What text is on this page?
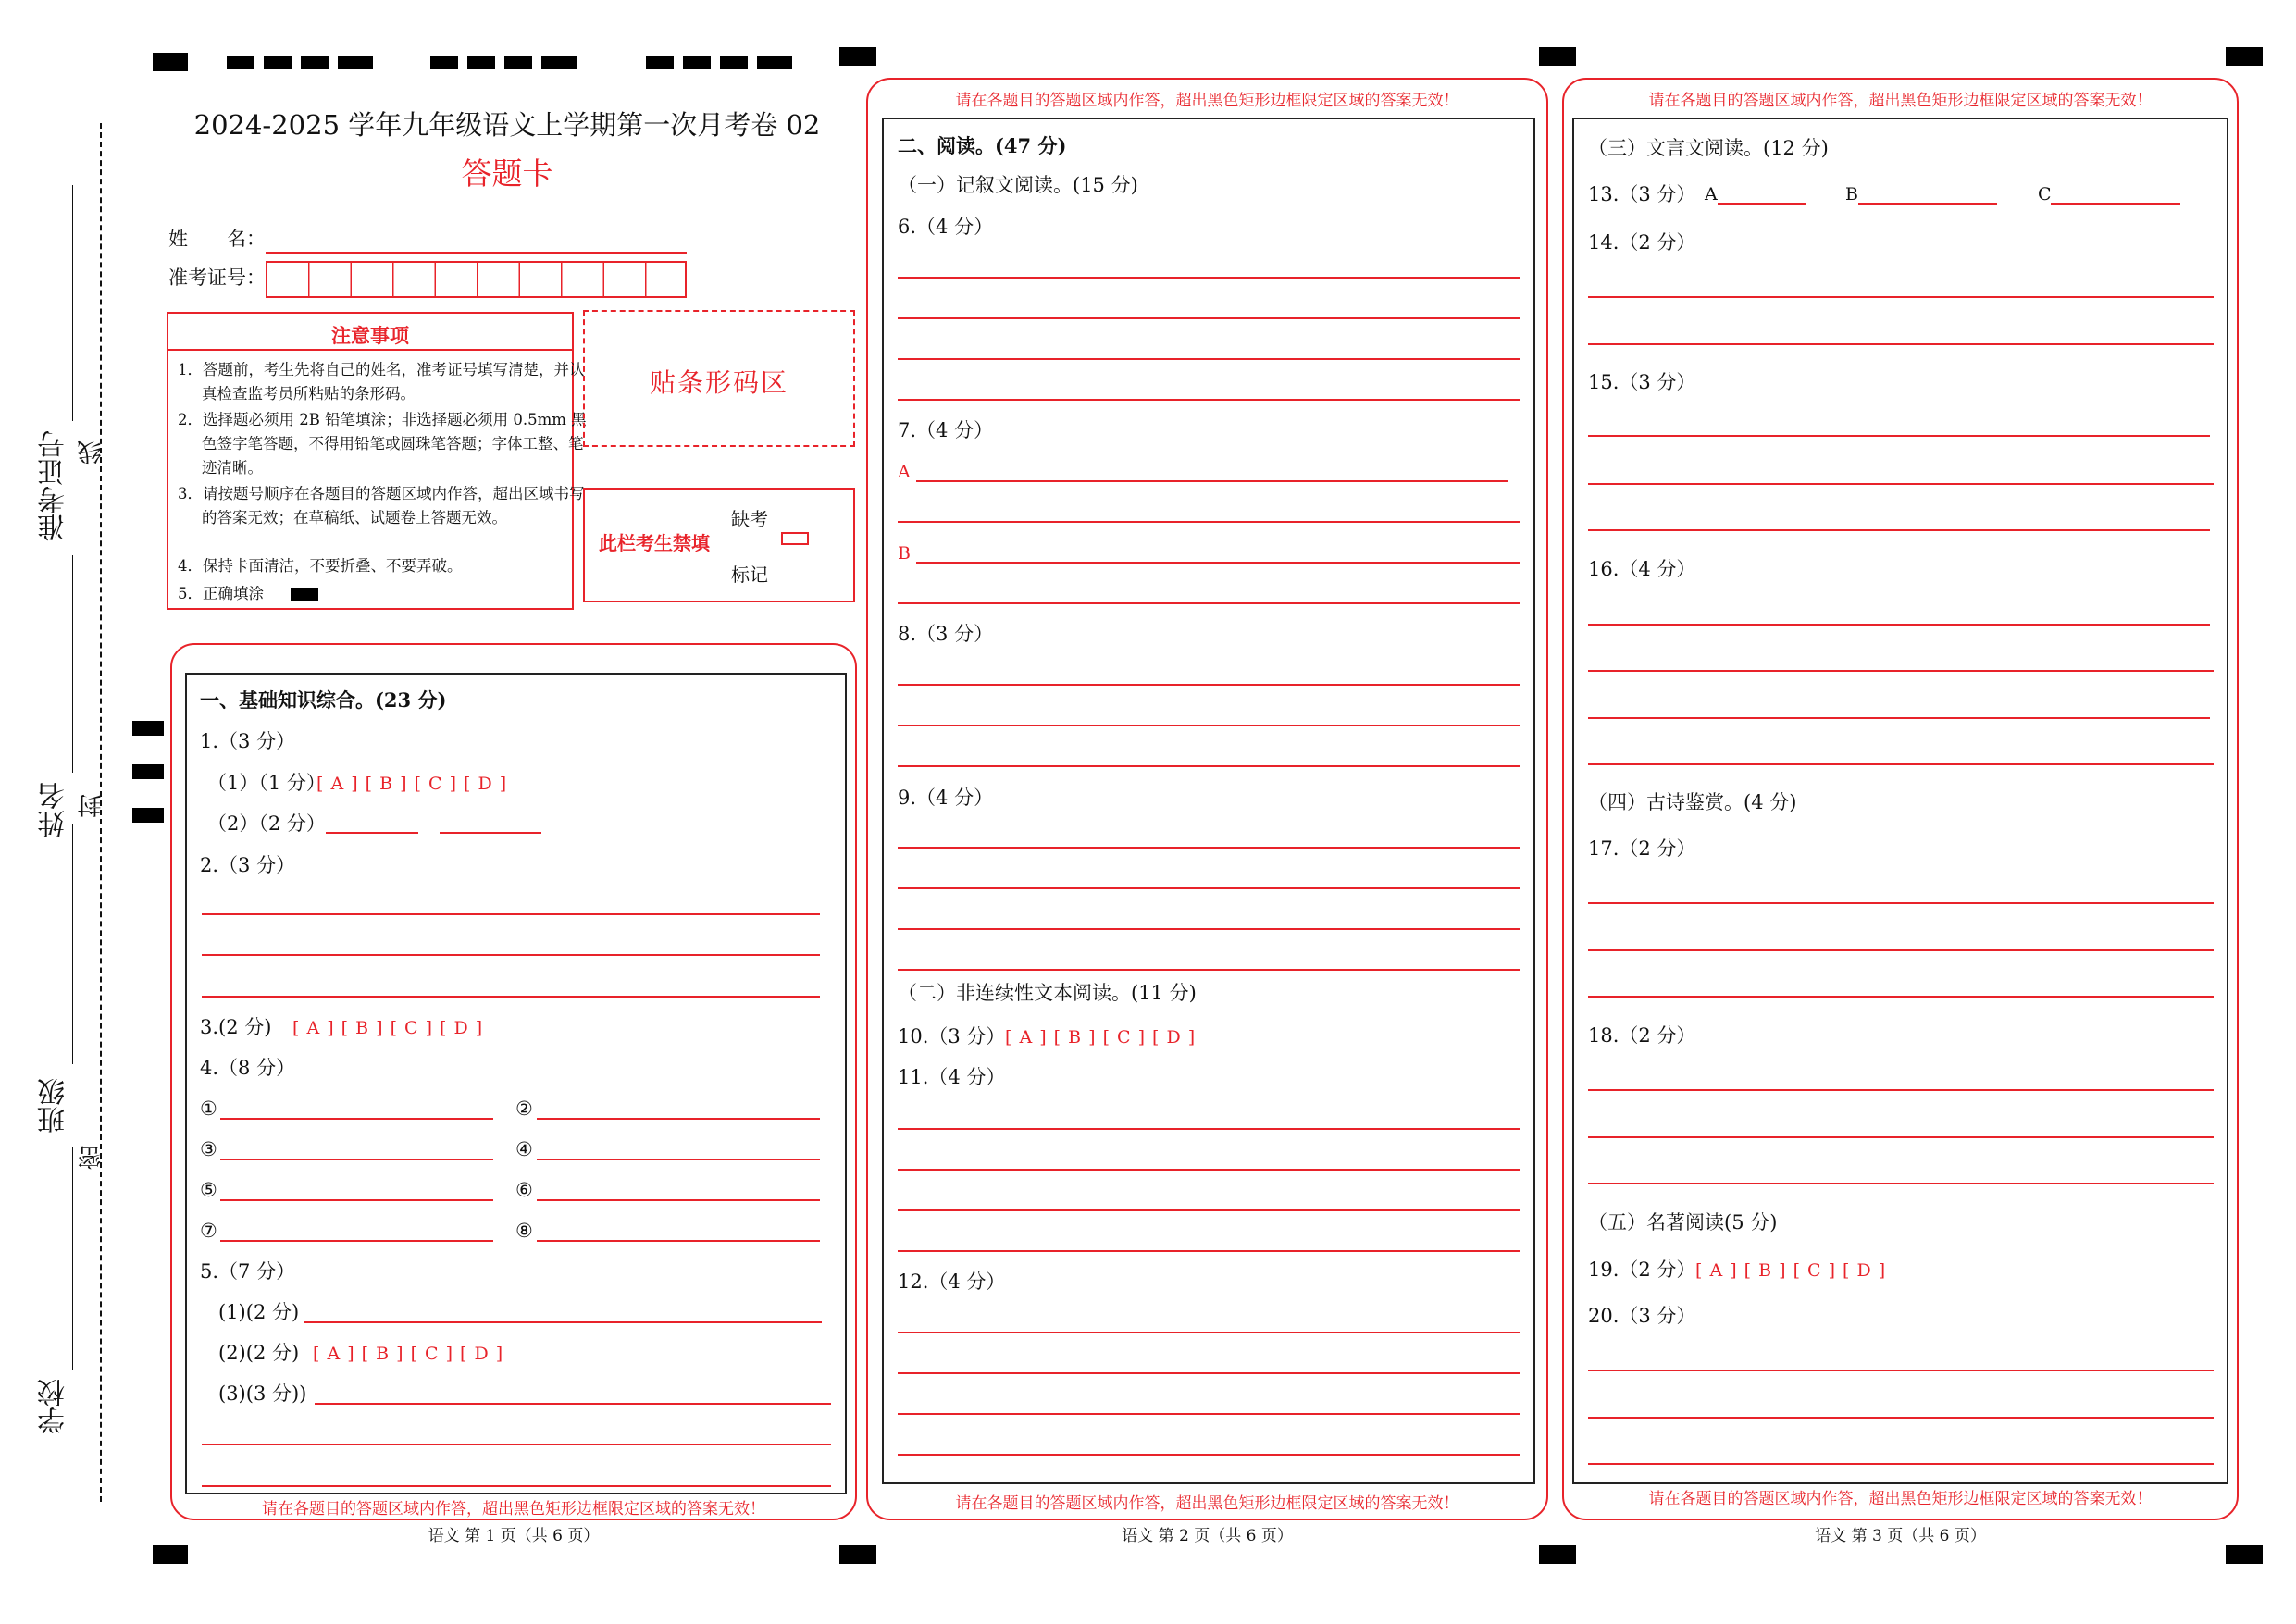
准考证号
姓名
班级
学校
线
封
密
2024-2025 学年九年级语文上学期第一次月考卷 02
答题卡
姓　　名：
准考证号：
注意事项
1．答题前，考生先将自己的姓名，准考证号填写清楚，并认真检查监考员所粘贴的条形码。
2．选择题必须用 2B 铅笔填涂；非选择题必须用 0.5mm 黑色签字笔答题，不得用铅笔或圆珠笔答题；字体工整、笔迹清晰。
3．请按题号顺序在各题目的答题区域内作答，超出区域书写的答案无效；在草稿纸、试题卷上答题无效。
4．保持卡面清洁，不要折叠、不要弄破。
5．正确填涂
贴条形码区
此栏考生禁填
缺考
标记
一、基础知识综合。(23 分)
1.（3 分）
（1）（1 分）
[ A ] [ B ] [ C ] [ D ]
（2）（2 分）
2.（3 分）
3.(2 分) [ A ] [ B ] [ C ] [ D ]
4.（8 分）
①	②
③	④
⑤	⑥
⑦	⑧
5.（7 分）
(1)(2 分)
(2)(2 分) [ A ] [ B ] [ C ] [ D ]
(3)(3 分))
请在各题目的答题区域内作答，超出黑色矩形边框限定区域的答案无效！
语文 第 1 页（共 6 页）
请在各题目的答题区域内作答，超出黑色矩形边框限定区域的答案无效！
二、阅读。(47 分)
（一）记叙文阅读。(15 分)
6.（4 分）
7.（4 分）
A
B
8.（3 分）
9.（4 分）
（二）非连续性文本阅读。(11 分)
10.（3 分） [ A ] [ B ] [ C ] [ D ]
11.（4 分）
12.（4 分）
请在各题目的答题区域内作答，超出黑色矩形边框限定区域的答案无效！
语文 第 2 页（共 6 页）
请在各题目的答题区域内作答，超出黑色矩形边框限定区域的答案无效！
（三）文言文阅读。(12 分)
13.（3 分） A	B	C
14.（2 分）
15.（3 分）
16.（4 分）
（四）古诗鉴赏。(4 分)
17.（2 分）
18.（2 分）
（五）名著阅读(5 分)
19.（2 分） [ A ] [ B ] [ C ] [ D ]
20.（3 分）
请在各题目的答题区域内作答，超出黑色矩形边框限定区域的答案无效！
语文 第 3 页（共 6 页）
